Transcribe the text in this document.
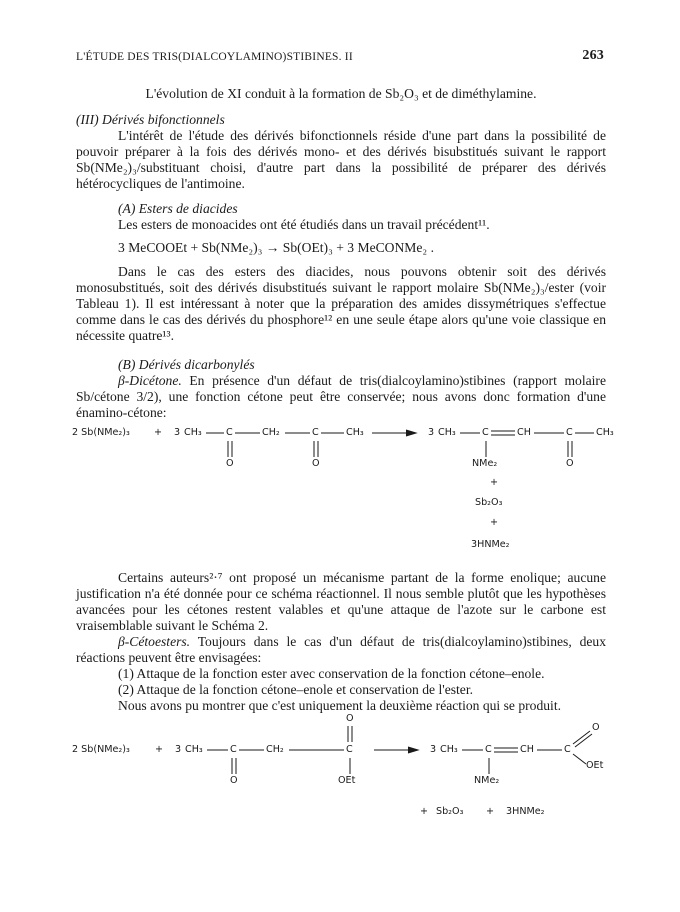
L'ÉTUDE DES TRIS(DIALCOYLAMINO)STIBINES. II	263
L'évolution de XI conduit à la formation de Sb₂O₃ et de diméthylamine.
(III) Dérivés bifonctionnels
L'intérêt de l'étude des dérivés bifonctionnels réside d'une part dans la possibilité de pouvoir préparer à la fois des dérivés mono- et des dérivés bisubstitués suivant le rapport Sb(NMe₂)₃/substituant choisi, d'autre part dans la possibilité de préparer des dérivés hétérocycliques de l'antimoine.
(A) Esters de diacides
Les esters de monoacides ont été étudiés dans un travail précédent¹¹.
3 MeCOOEt + Sb(NMe₂)₃ → Sb(OEt)₃ + 3 MeCONMe₂ .
Dans le cas des esters des diacides, nous pouvons obtenir soit des dérivés monosubstitués, soit des dérivés disubstitués suivant le rapport molaire Sb(NMe₂)₃/ester (voir Tableau 1). Il est intéressant à noter que la préparation des amides dissymétriques s'effectue comme dans le cas des dérivés du phosphore¹² en une seule étape alors qu'une voie classique en nécessite quatre¹³.
(B) Dérivés dicarbonylés
β-Dicétone. En présence d'un défaut de tris(dialcoylamino)stibines (rapport molaire Sb/cétone 3/2), une fonction cétone peut être conservée; nous avons donc formation d'une énamino-cétone:
2 Sb(NMe₂)₃	+ 3 CH₃	C	CH₂	C	CH₃
O	O
3 CH₃	C	CH	C CH₃
NMe₂	O
+
Sb₂O₃
+
3HNMe₂
Certains auteurs²·⁷ ont proposé un mécanisme partant de la forme enolique; aucune justification n'a été donnée pour ce schéma réactionnel. Il nous semble plutôt que les hypothèses avancées pour les cétones restent valables et qu'une attaque de l'azote sur le carbone est vraisemblable suivant le Schéma 2.
β-Cétoesters. Toujours dans le cas d'un défaut de tris(dialcoylamino)stibines, deux réactions peuvent être envisagées:
(1) Attaque de la fonction ester avec conservation de la fonction cétone–enole.
(2) Attaque de la fonction cétone–enole et conservation de l'ester.
Nous avons pu montrer que c'est uniquement la deuxième réaction qui se produit.
2 Sb(NMe₂)₃	+ 3 CH₃	C	CH₂	C
O
O	OEt
3 CH₃	C	CH	C
O
OEt
NMe₂
+ Sb₂O₃ + 3HNMe₂
